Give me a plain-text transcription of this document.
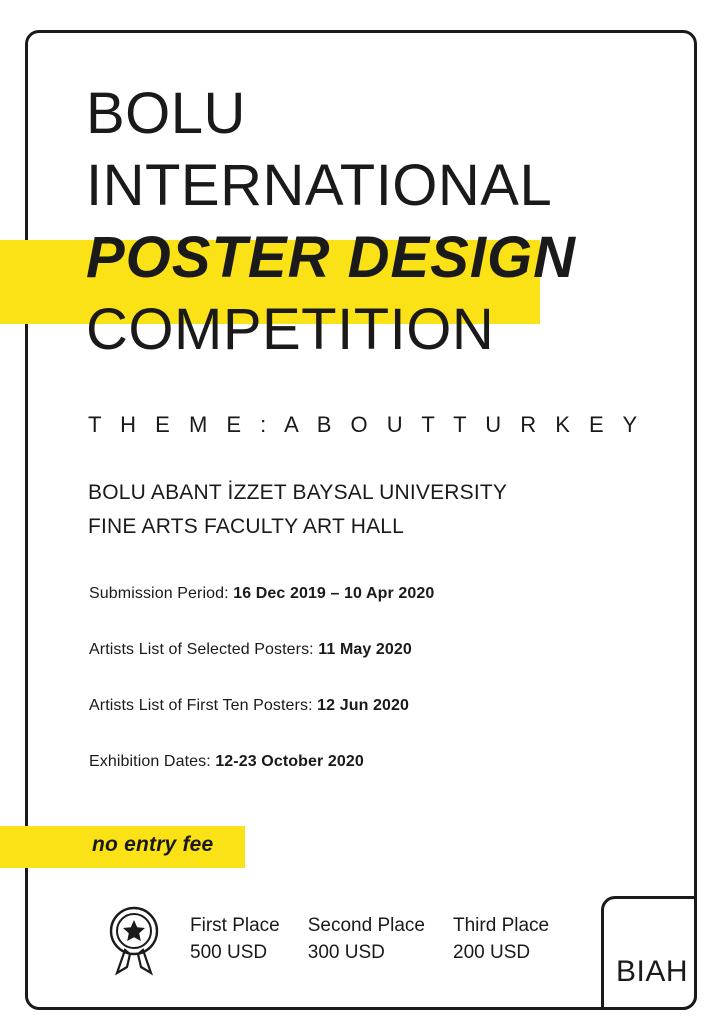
BOLU
INTERNATIONAL
POSTER DESIGN
COMPETITION
T H E M E : A B O U T T U R K E Y
BOLU ABANT İZZET BAYSAL UNIVERSITY
FINE ARTS FACULTY ART HALL
Submission Period: 16 Dec 2019 – 10 Apr 2020
Artists List of Selected Posters: 11 May 2020
Artists List of First Ten Posters: 12 Jun 2020
Exhibition Dates: 12-23 October 2020
no entry fee
First Place
500 USD
Second Place
300 USD
Third Place
200 USD
BIAH
